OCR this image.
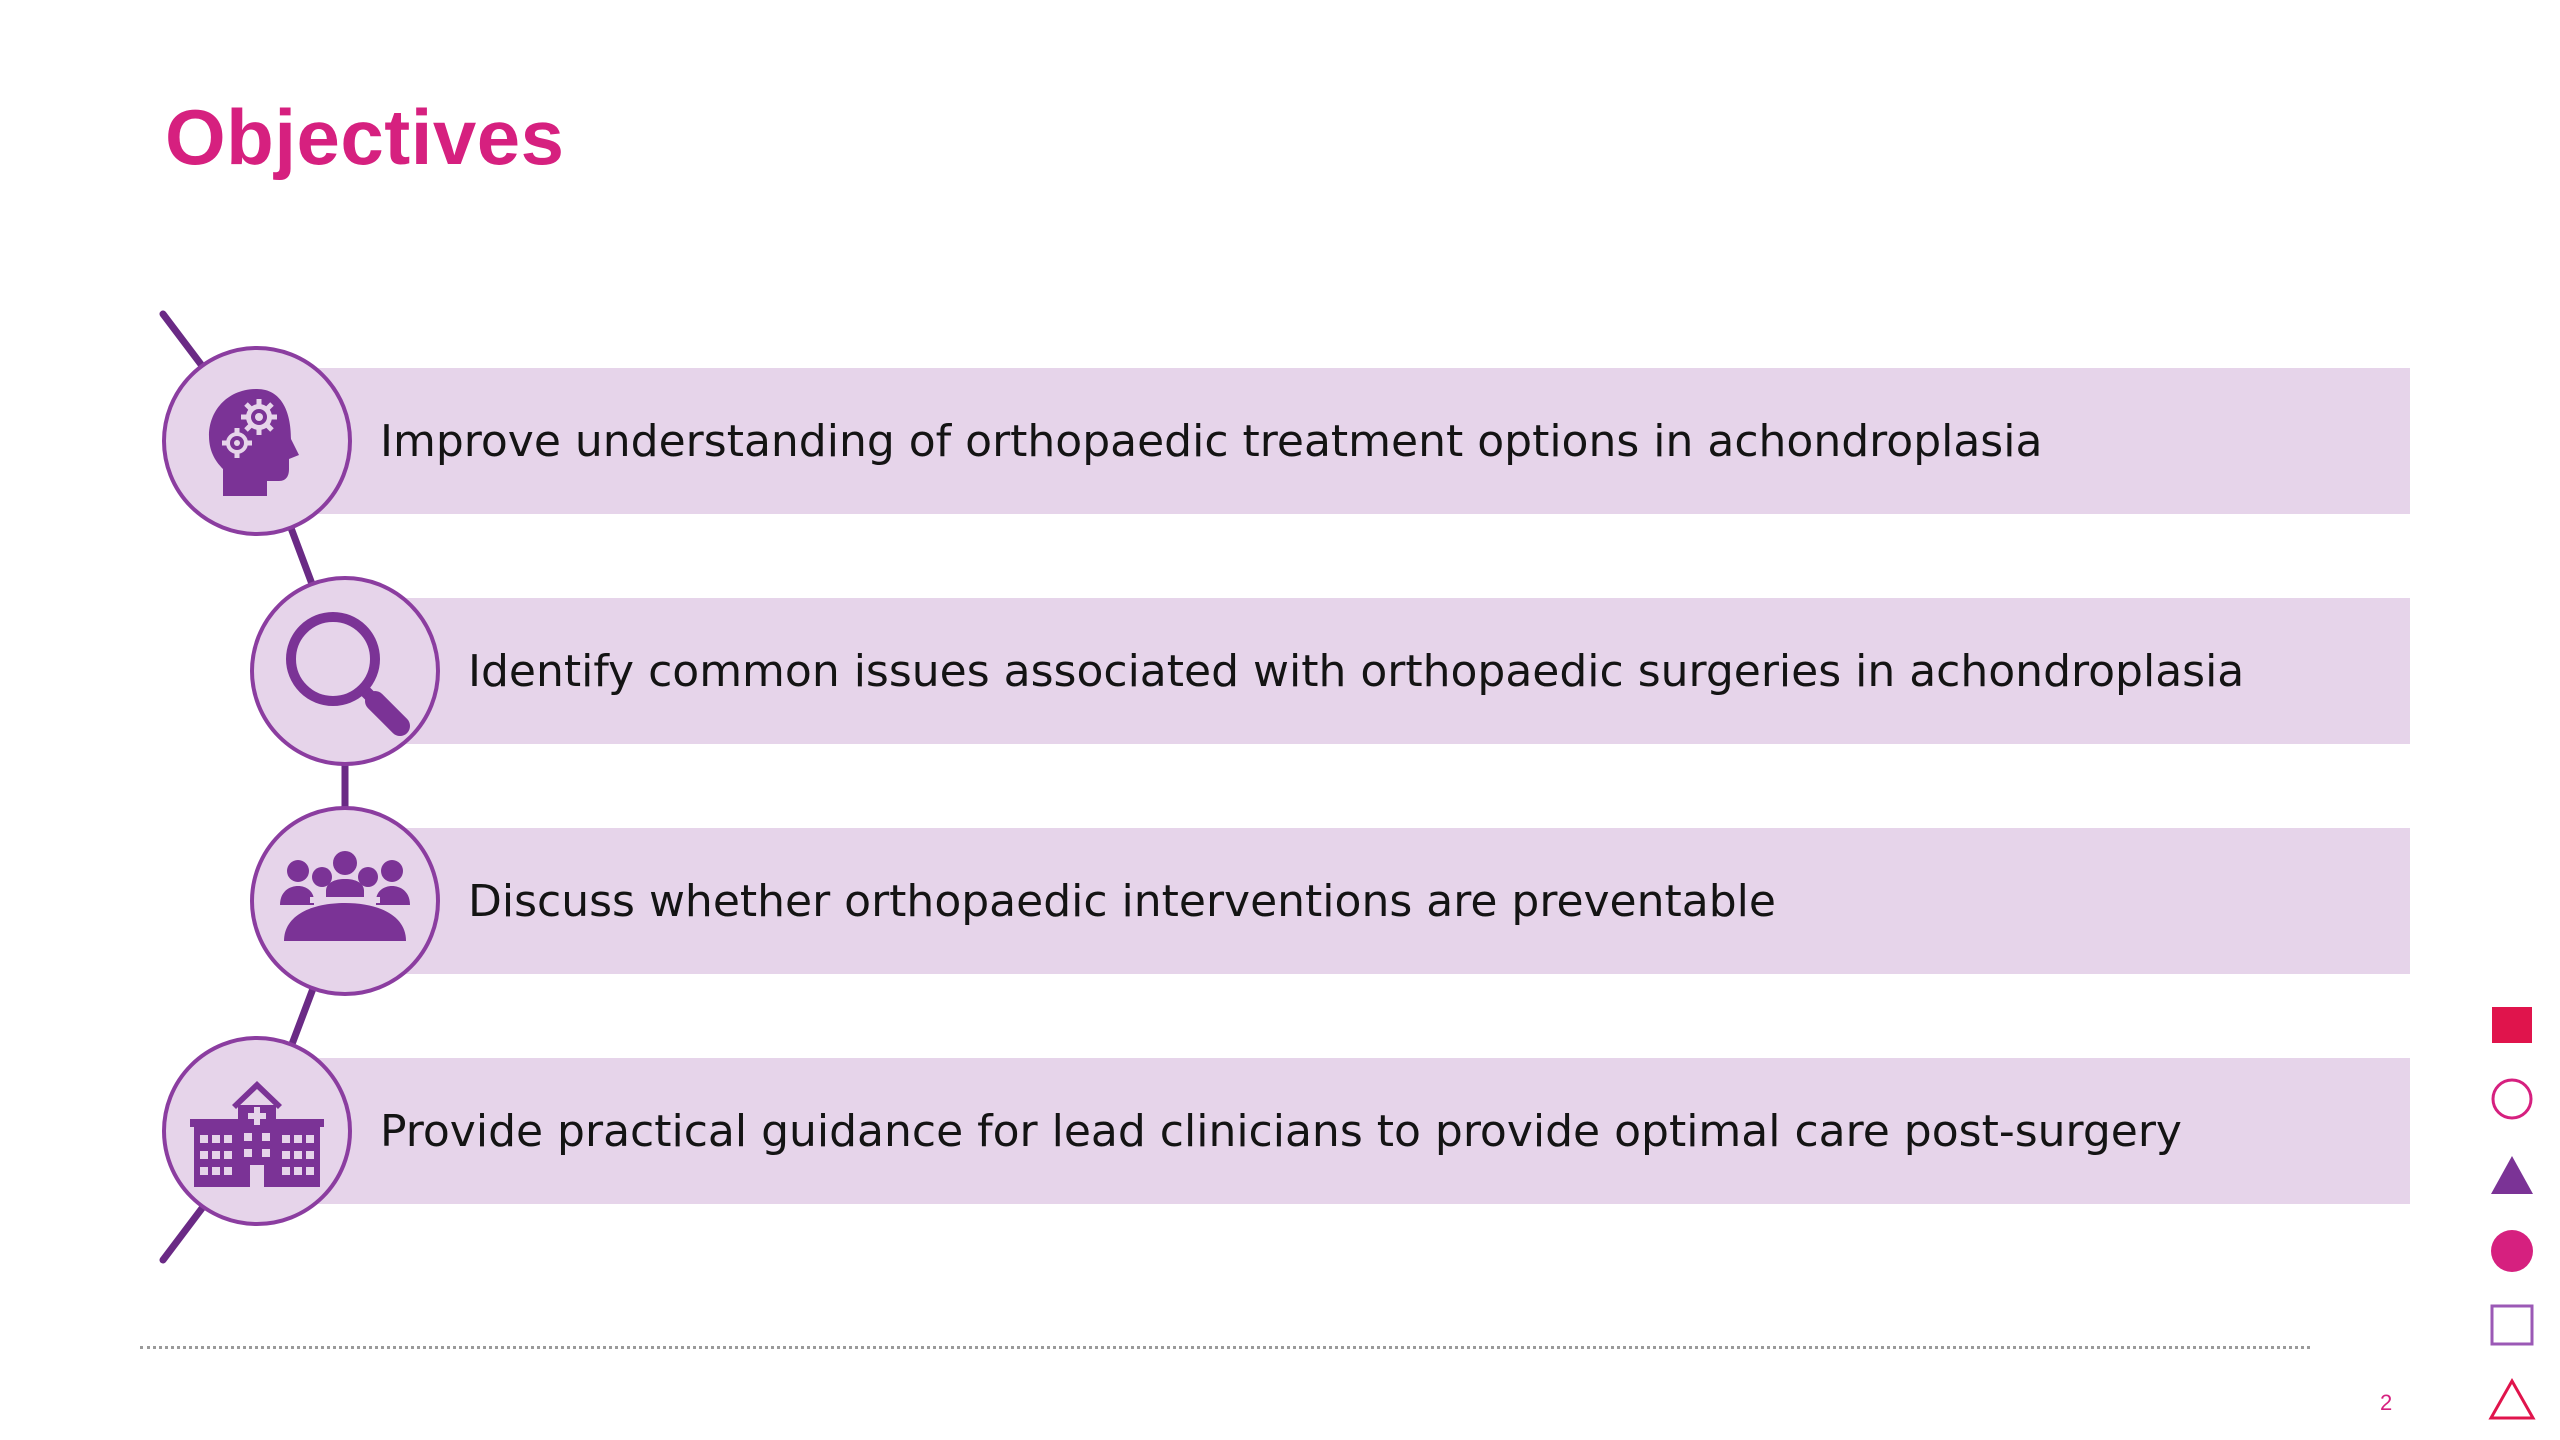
Objectives
Improve understanding of orthopaedic treatment options in achondroplasia
Identify common issues associated with orthopaedic surgeries in achondroplasia
Discuss whether orthopaedic interventions are preventable
Provide practical guidance for lead clinicians to provide optimal care post-surgery
2
